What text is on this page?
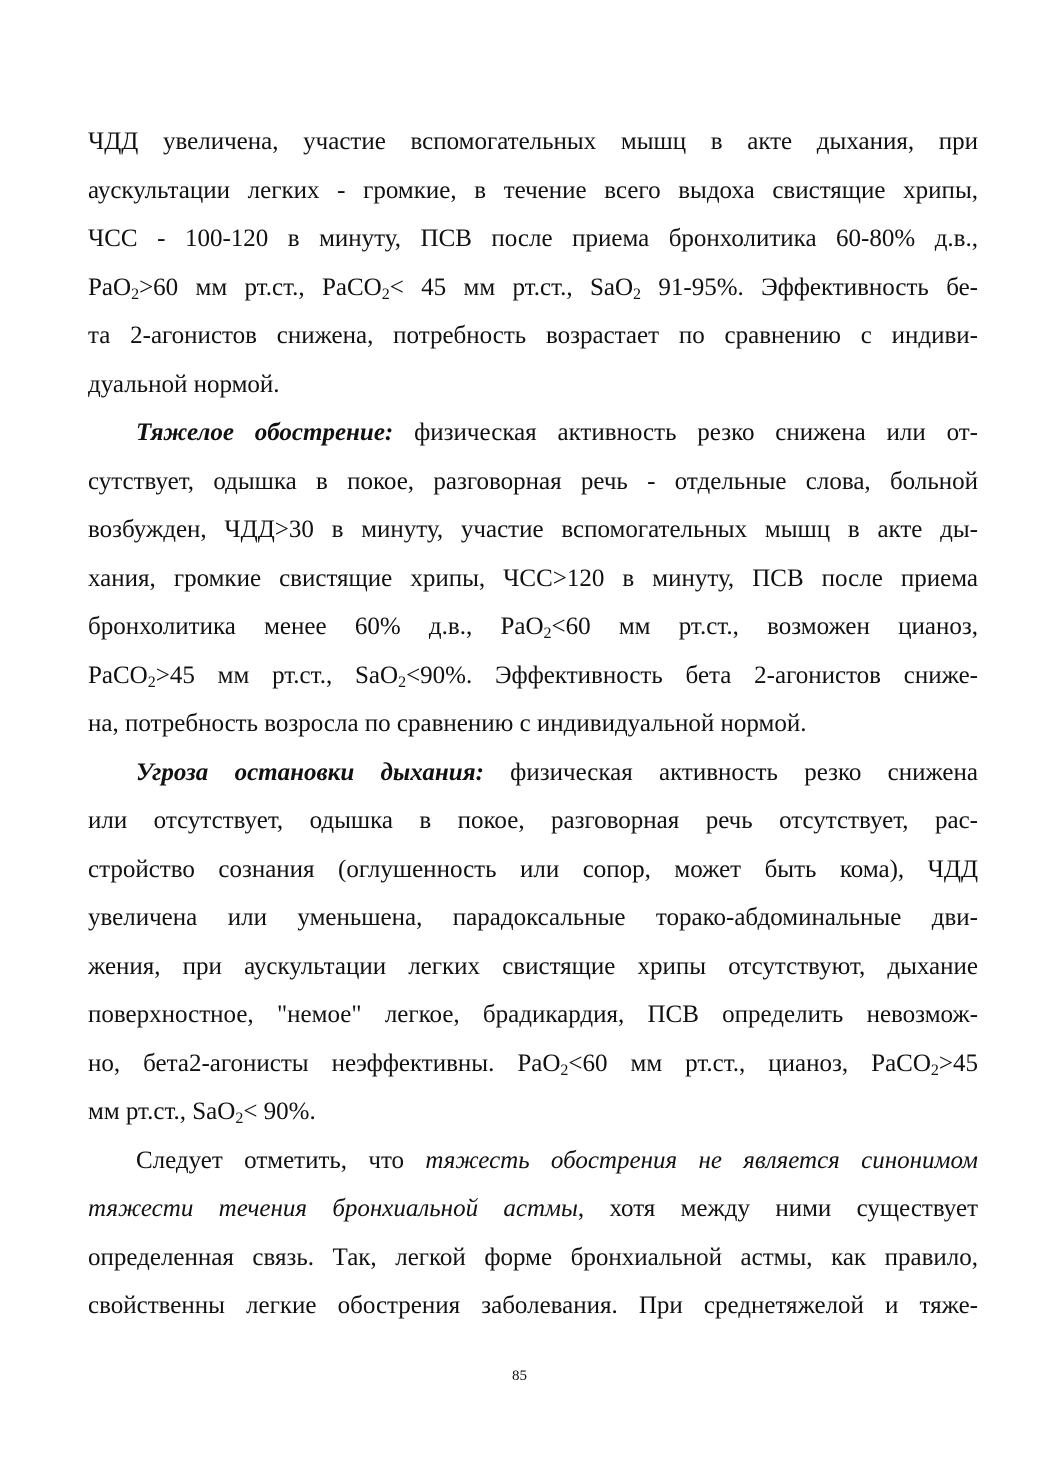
ЧДД увеличена, участие вспомогательных мышц в акте дыхания, при
аускультации легких - громкие, в течение всего выдоха свистящие хрипы,
ЧСС - 100-120 в минуту, ПСВ после приема бронхолитика 60-80% д.в.,
PaO$_2$>60 мм рт.ст., PaCO$_2$< 45 мм рт.ст., SaO$_2$ 91-95%. Эффективность бе-
та 2-агонистов снижена, потребность возрастает по сравнению с индиви-
дуальной нормой.
Тяжелое обострение: физическая активность резко снижена или от-
сутствует, одышка в покое, разговорная речь - отдельные слова, больной
возбужден, ЧДД>30 в минуту, участие вспомогательных мышц в акте ды-
хания, громкие свистящие хрипы, ЧСС>120 в минуту, ПСВ после приема
бронхолитика менее 60% д.в., PaO$_2$<60 мм рт.ст., возможен цианоз,
PaCO$_2$>45 мм рт.ст., SaO$_2$<90%. Эффективность бета 2-агонистов сниже-
на, потребность возросла по сравнению с индивидуальной нормой.
Угроза остановки дыхания: физическая активность резко снижена
или отсутствует, одышка в покое, разговорная речь отсутствует, рас-
стройство сознания (оглушенность или сопор, может быть кома), ЧДД
увеличена или уменьшена, парадоксальные торако-абдоминальные дви-
жения, при аускультации легких свистящие хрипы отсутствуют, дыхание
поверхностное, "немое" легкое, брадикардия, ПСВ определить невозмож-
но, бета2-агонисты неэффективны. PaO$_2$<60 мм рт.ст., цианоз, PaCO$_2$>45
мм рт.ст., SaO$_2$< 90%.
Следует отметить, что тяжесть обострения не является синонимом
тяжести течения бронхиальной астмы, хотя между ними существует
определенная связь. Так, легкой форме бронхиальной астмы, как правило,
свойственны легкие обострения заболевания. При среднетяжелой и тяже-
85
